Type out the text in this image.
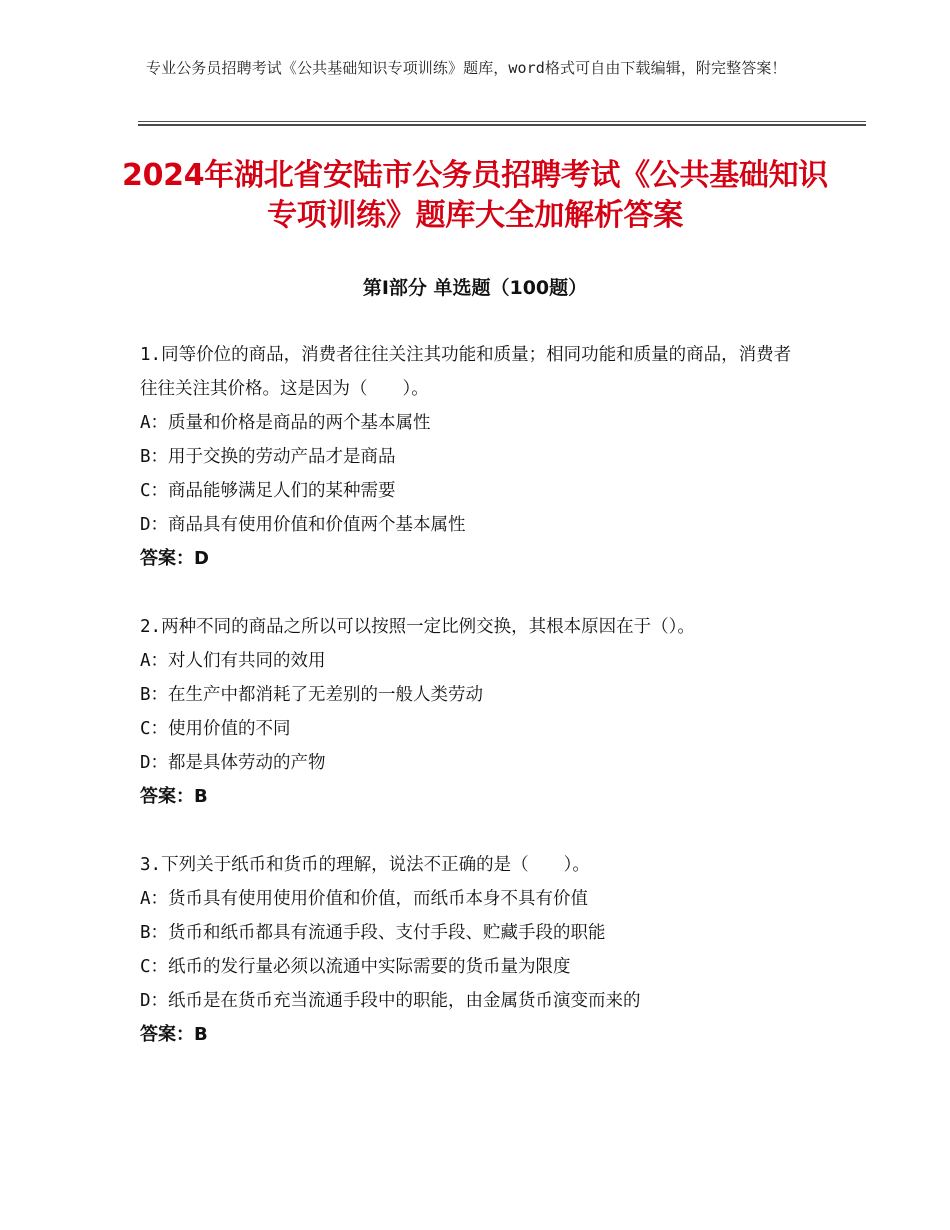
专业公务员招聘考试《公共基础知识专项训练》题库，word格式可自由下载编辑，附完整答案！
2024年湖北省安陆市公务员招聘考试《公共基础知识专项训练》题库大全加解析答案
第Ⅰ部分 单选题（100题）
1.同等价位的商品，消费者往往关注其功能和质量；相同功能和质量的商品，消费者往往关注其价格。这是因为（　　）。
A：质量和价格是商品的两个基本属性
B：用于交换的劳动产品才是商品
C：商品能够满足人们的某种需要
D：商品具有使用价值和价值两个基本属性
答案：D
2.两种不同的商品之所以可以按照一定比例交换，其根本原因在于（）。
A：对人们有共同的效用
B：在生产中都消耗了无差别的一般人类劳动
C：使用价值的不同
D：都是具体劳动的产物
答案：B
3.下列关于纸币和货币的理解，说法不正确的是（　　）。
A：货币具有使用使用价值和价值，而纸币本身不具有价值
B：货币和纸币都具有流通手段、支付手段、贮藏手段的职能
C：纸币的发行量必须以流通中实际需要的货币量为限度
D：纸币是在货币充当流通手段中的职能，由金属货币演变而来的
答案：B
